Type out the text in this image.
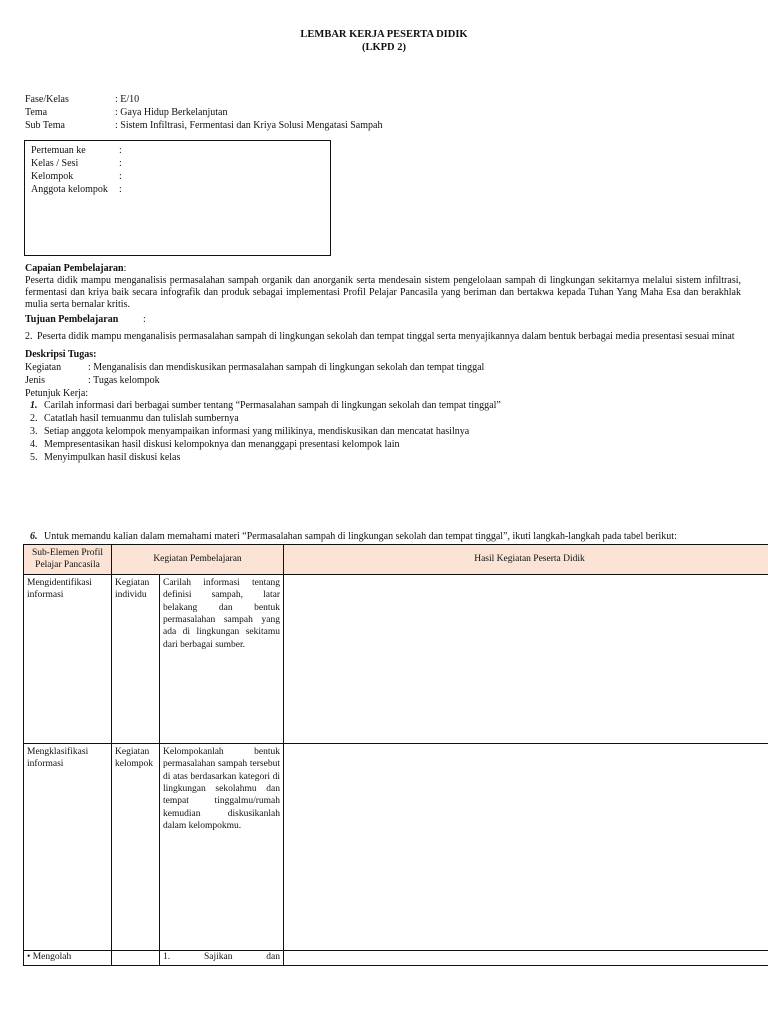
LEMBAR KERJA PESERTA DIDIK
(LKPD 2)
Fase/Kelas	: E/10
Tema	: Gaya Hidup Berkelanjutan
Sub Tema	: Sistem Infiltrasi, Fermentasi dan Kriya Solusi Mengatasi Sampah
Pertemuan ke	:
Kelas / Sesi	:
Kelompok	:
Anggota kelompok :
Capaian Pembelajaran:
Peserta didik mampu menganalisis permasalahan sampah organik dan anorganik serta mendesain sistem pengelolaan sampah di lingkungan sekitarnya melalui sistem infiltrasi, fermentasi dan kriya baik secara infografik dan produk sebagai implementasi Profil Pelajar Pancasila yang beriman dan bertakwa kepada Tuhan Yang Maha Esa dan berakhlak mulia serta bernalar kritis.
Tujuan Pembelajaran :
2. Peserta didik mampu menganalisis permasalahan sampah di lingkungan sekolah dan tempat tinggal serta menyajikannya dalam bentuk berbagai media presentasi sesuai minat
Deskripsi Tugas:
Kegiatan	: Menganalisis dan mendiskusikan permasalahan sampah di lingkungan sekolah dan tempat tinggal
Jenis	: Tugas kelompok
Petunjuk Kerja:
1. Carilah informasi dari berbagai sumber tentang “Permasalahan sampah di lingkungan sekolah dan tempat tinggal”
2. Catatlah hasil temuanmu dan tulislah sumbernya
3. Setiap anggota kelompok menyampaikan informasi yang milikinya, mendiskusikan dan mencatat hasilnya
4. Mempresentasikan hasil diskusi kelompoknya dan menanggapi presentasi kelompok lain
5. Menyimpulkan hasil diskusi kelas
6. Untuk memandu kalian dalam memahami materi “Permasalahan sampah di lingkungan sekolah dan tempat tinggal”, ikuti langkah-langkah pada tabel berikut:
Sub-Elemen Profil Pelajar Pancasila	Kegiatan Pembelajaran		Hasil Kegiatan Peserta Didik
Mengidentifikasi informasi	Kegiatan individu	Carilah informasi tentang definisi sampah, latar belakang dan bentuk permasalahan sampah yang ada di lingkungan sekitamu dari berbagai sumber.	
Mengklasifikasi informasi	Kegiatan kelompok	Kelompokanlah bentuk permasalahan sampah tersebut di atas berdasarkan kategori di lingkungan sekolahmu dan tempat tinggalmu/rumah kemudian diskusikanlah dalam kelompokmu.	
• Mengolah		1. Sajikan dan	
